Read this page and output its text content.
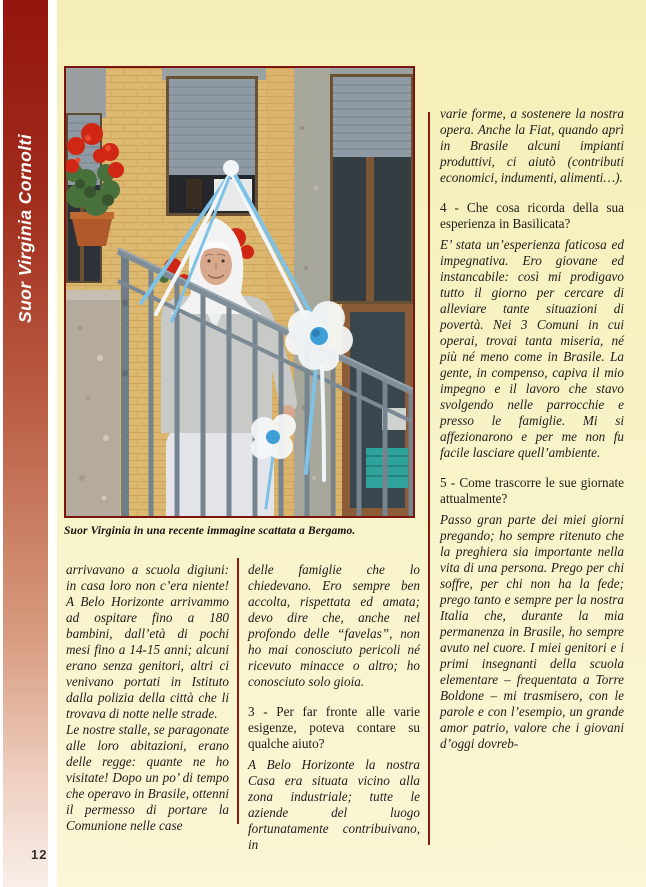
Suor Virginia Cornolti
Suor Virginia in una recente immagine scattata a Bergamo.

arrivavano a scuola digiuni: in casa loro non c’era niente! A Belo Horizonte arrivammo ad ospitare fino a 180 bambini, dall’età di pochi mesi fino a 14-15 anni; alcuni erano senza genitori, altri ci venivano portati in Istituto dalla polizia della città che li trovava di notte nelle strade.

Le nostre stalle, se paragonate alle loro abitazioni, erano delle regge: quante ne ho visitate! Dopo un po’ di tempo che operavo in Brasile, ottenni il permesso di portare la Comunione nelle case

delle famiglie che lo chiedevano. Ero sempre ben accolta, rispettata ed amata; devo dire che, anche nel profondo delle “favelas”, non ho mai conosciuto pericoli né ricevuto minacce o altro; ho conosciuto solo gioia.

3 - Per far fronte alle varie esigenze, poteva contare su qualche aiuto?

A Belo Horizonte la nostra Casa era situata vicino alla zona industriale; tutte le aziende del luogo fortunatamente contribuivano, in

varie forme, a sostenere la nostra opera. Anche la Fiat, quando aprì in Brasile alcuni impianti produttivi, ci aiutò (contributi economici, indumenti, alimenti…).

4 - Che cosa ricorda della sua esperienza in Basilicata?

E’ stata un’esperienza faticosa ed impegnativa. Ero giovane ed instancabile: così mi prodigavo tutto il giorno per cercare di alleviare tante situazioni di povertà. Nei 3 Comuni in cui operai, trovai tanta miseria, né più né meno come in Brasile. La gente, in compenso, capiva il mio impegno e il lavoro che stavo svolgendo nelle parrocchie e presso le famiglie. Mi si affezionarono e per me non fu facile lasciare quell’ambiente.

5 - Come trascorre le sue giornate attualmente?

Passo gran parte dei miei giorni pregando; ho sempre ritenuto che la preghiera sia importante nella vita di una persona. Prego per chi soffre, per chi non ha la fede; prego tanto e sempre per la nostra Italia che, durante la mia permanenza in Brasile, ho sempre avuto nel cuore. I miei genitori e i primi insegnanti della scuola elementare – frequentata a Torre Boldone – mi trasmisero, con le parole e con l’esempio, un grande amor patrio, valore che i giovani d’oggi dovreb-

12
